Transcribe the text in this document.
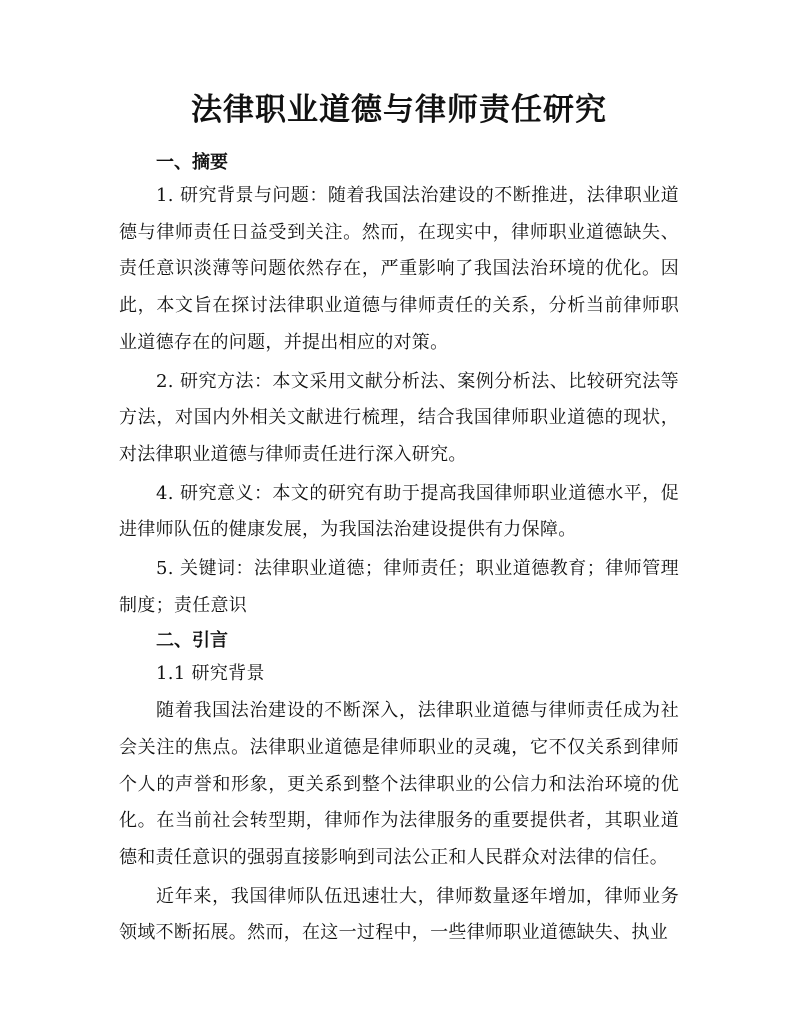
法律职业道德与律师责任研究
一、摘要

1. 研究背景与问题：随着我国法治建设的不断推进，法律职业道德与律师责任日益受到关注。然而，在现实中，律师职业道德缺失、责任意识淡薄等问题依然存在，严重影响了我国法治环境的优化。因此，本文旨在探讨法律职业道德与律师责任的关系，分析当前律师职业道德存在的问题，并提出相应的对策。

2. 研究方法：本文采用文献分析法、案例分析法、比较研究法等方法，对国内外相关文献进行梳理，结合我国律师职业道德的现状，对法律职业道德与律师责任进行深入研究。

4. 研究意义：本文的研究有助于提高我国律师职业道德水平，促进律师队伍的健康发展，为我国法治建设提供有力保障。

5. 关键词：法律职业道德；律师责任；职业道德教育；律师管理制度；责任意识

二、引言
1.1 研究背景

随着我国法治建设的不断深入，法律职业道德与律师责任成为社会关注的焦点。法律职业道德是律师职业的灵魂，它不仅关系到律师个人的声誉和形象，更关系到整个法律职业的公信力和法治环境的优化。在当前社会转型期，律师作为法律服务的重要提供者，其职业道德和责任意识的强弱直接影响到司法公正和人民群众对法律的信任。

近年来，我国律师队伍迅速壮大，律师数量逐年增加，律师业务领域不断拓展。然而，在这一过程中，一些律师职业道德缺失、执业
